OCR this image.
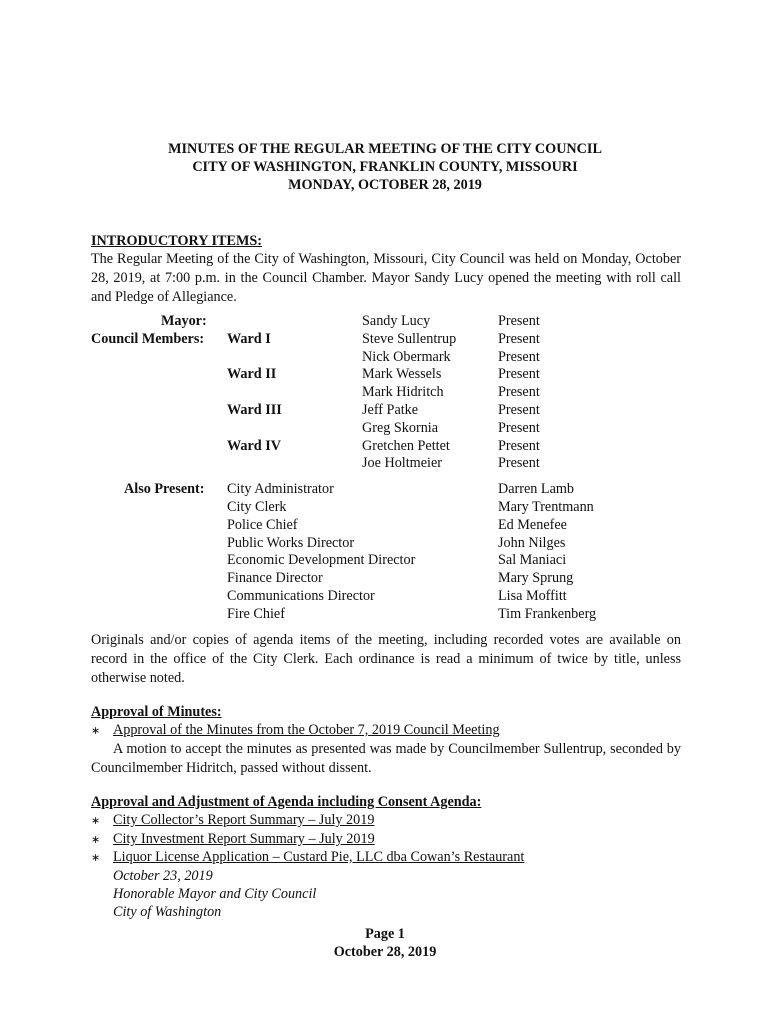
MINUTES OF THE REGULAR MEETING OF THE CITY COUNCIL
CITY OF WASHINGTON, FRANKLIN COUNTY, MISSOURI
MONDAY, OCTOBER 28, 2019
INTRODUCTORY ITEMS:
The Regular Meeting of the City of Washington, Missouri, City Council was held on Monday, October 28, 2019, at 7:00 p.m. in the Council Chamber. Mayor Sandy Lucy opened the meeting with roll call and Pledge of Allegiance.
Mayor:
Council Members: Ward I
Ward II
Ward III
Ward IV
Sandy Lucy
Steve Sullentrup
Nick Obermark
Mark Wessels
Mark Hidritch
Jeff Patke
Greg Skornia
Gretchen Pettet
Joe Holtmeier
Present
Present
Present
Present
Present
Present
Present
Present
Present
Also Present: City Administrator
City Clerk
Police Chief
Public Works Director
Economic Development Director
Finance Director
Communications Director
Fire Chief
Darren Lamb
Mary Trentmann
Ed Menefee
John Nilges
Sal Maniaci
Mary Sprung
Lisa Moffitt
Tim Frankenberg
Originals and/or copies of agenda items of the meeting, including recorded votes are available on record in the office of the City Clerk. Each ordinance is read a minimum of twice by title, unless otherwise noted.
Approval of Minutes:
∗ Approval of the Minutes from the October 7, 2019 Council Meeting
A motion to accept the minutes as presented was made by Councilmember Sullentrup, seconded by Councilmember Hidritch, passed without dissent.
Approval and Adjustment of Agenda including Consent Agenda:
∗ City Collector’s Report Summary – July 2019
∗ City Investment Report Summary – July 2019
∗ Liquor License Application – Custard Pie, LLC dba Cowan’s Restaurant
October 23, 2019
Honorable Mayor and City Council
City of Washington
Page 1
October 28, 2019
